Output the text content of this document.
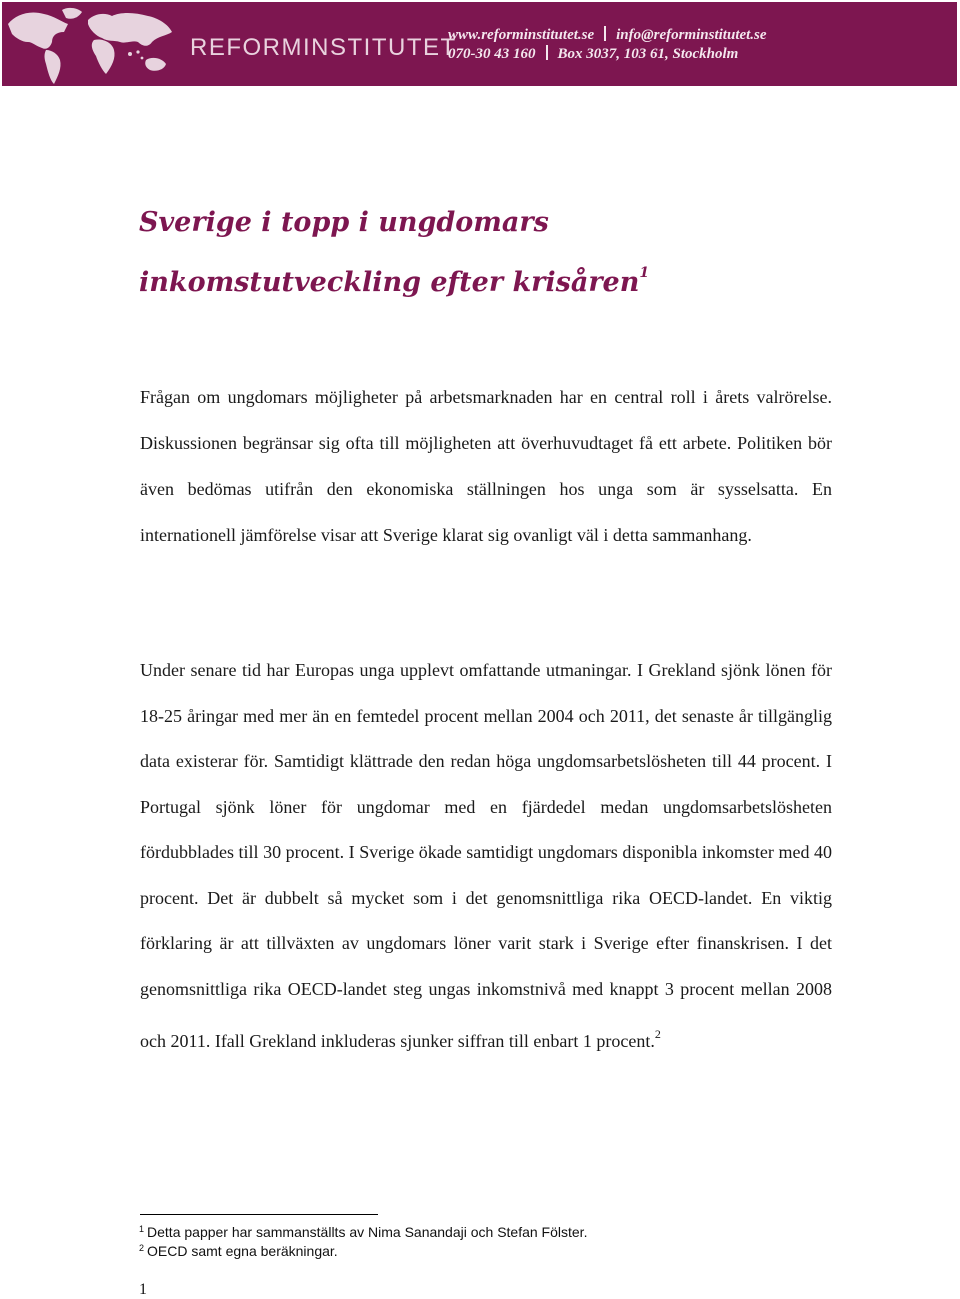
REFORMINSTITUTET
www.reforminstitutet.se info@reforminstitutet.se
070-30 43 160 Box 3037, 103 61, Stockholm
Sverige i topp i ungdomars
inkomstutveckling efter krisåren$^1$

Frågan om ungdomars möjligheter på arbetsmarknaden har en central roll i årets valrörelse. Diskussionen begränsar sig ofta till möjligheten att överhuvudtaget få ett arbete. Politiken bör även bedömas utifrån den ekonomiska ställningen hos unga som är sysselsatta. En internationell jämförelse visar att Sverige klarat sig ovanligt väl i detta sammanhang.

Under senare tid har Europas unga upplevt omfattande utmaningar. I Grekland sjönk lönen för 18-25 åringar med mer än en femtedel procent mellan 2004 och 2011, det senaste år tillgänglig data existerar för. Samtidigt klättrade den redan höga ungdomsarbetslösheten till 44 procent. I Portugal sjönk löner för ungdomar med en fjärdedel medan ungdomsarbetslösheten fördubblades till 30 procent. I Sverige ökade samtidigt ungdomars disponibla inkomster med 40 procent. Det är dubbelt så mycket som i det genomsnittliga rika OECD-landet. En viktig förklaring är att tillväxten av ungdomars löner varit stark i Sverige efter finanskrisen. I det genomsnittliga rika OECD-landet steg ungas inkomstnivå med knappt 3 procent mellan 2008 och 2011. Ifall Grekland inkluderas sjunker siffran till enbart 1 procent.$^2$

$^1$ Detta papper har sammanställts av Nima Sanandaji och Stefan Fölster.
$^2$ OECD samt egna beräkningar.
1
